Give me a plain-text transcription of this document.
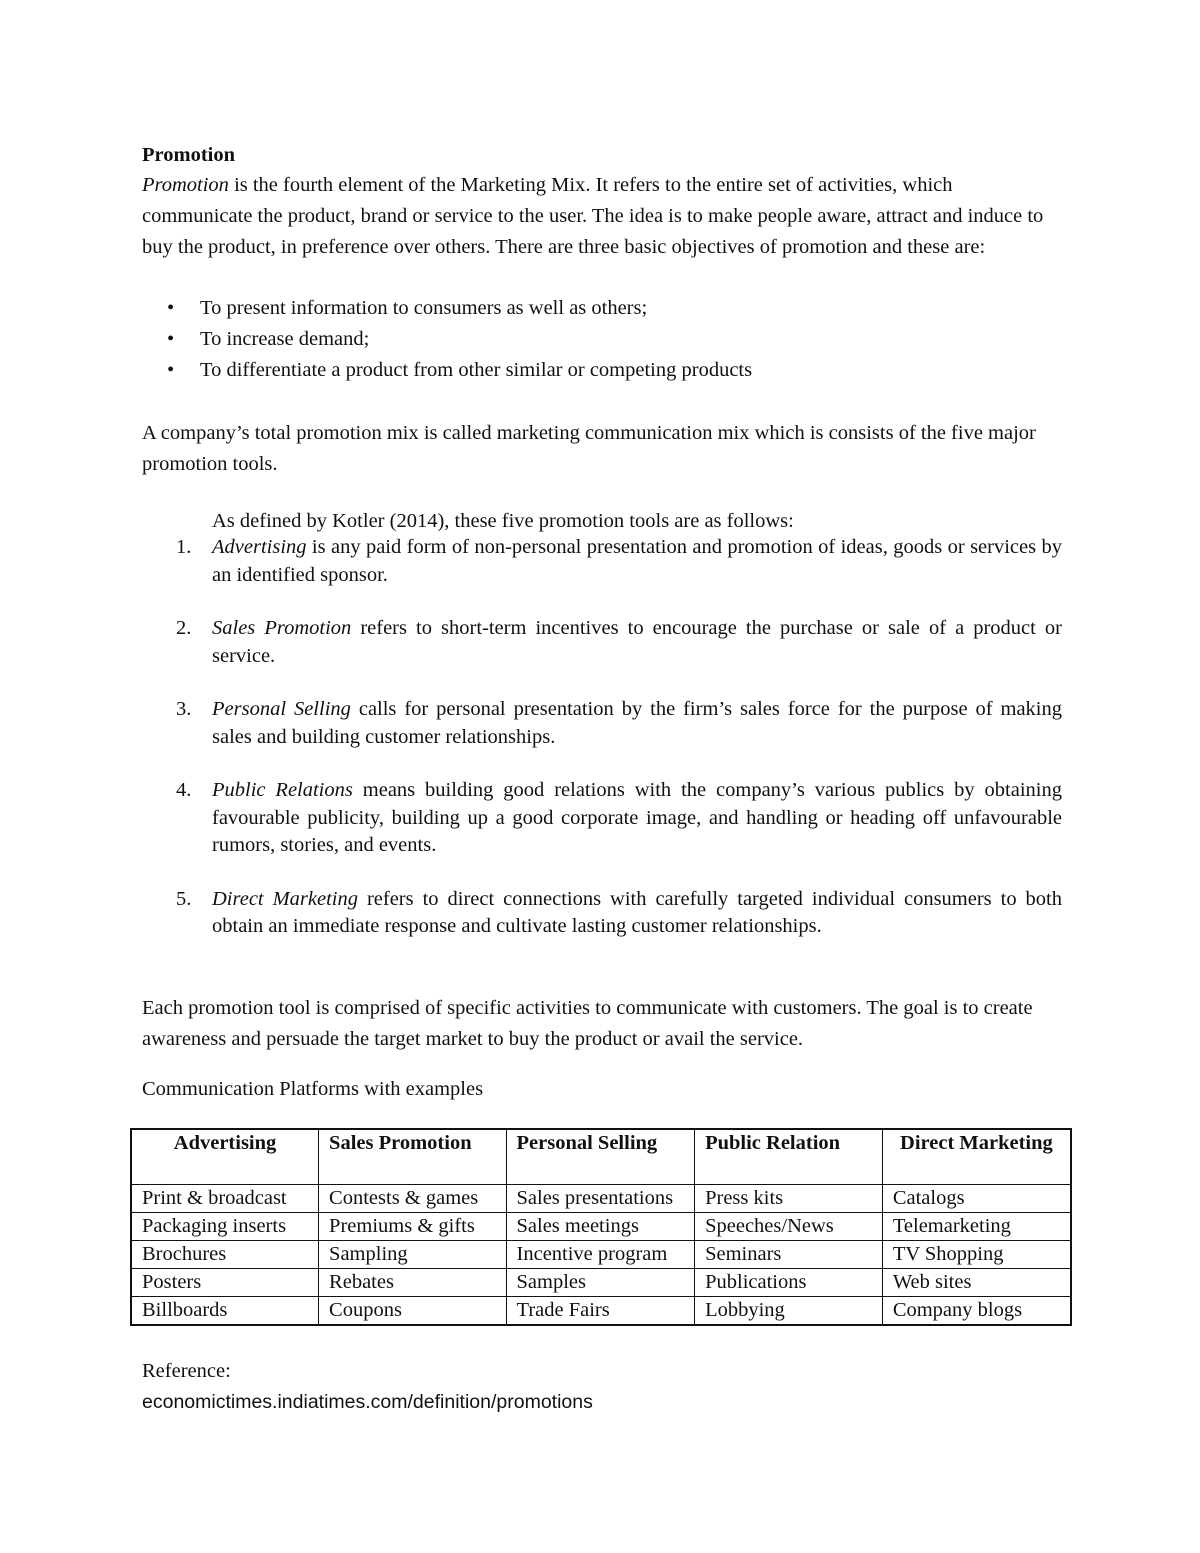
Promotion
Promotion is the fourth element of the Marketing Mix. It refers to the entire set of activities, which communicate the product, brand or service to the user. The idea is to make people aware, attract and induce to buy the product, in preference over others. There are three basic objectives of promotion and these are:
• To present information to consumers as well as others;
• To increase demand;
• To differentiate a product from other similar or competing products
A company’s total promotion mix is called marketing communication mix which is consists of the five major promotion tools.
As defined by Kotler (2014), these five promotion tools are as follows:
1. Advertising is any paid form of non-personal presentation and promotion of ideas, goods or services by an identified sponsor.
2. Sales Promotion refers to short-term incentives to encourage the purchase or sale of a product or service.
3. Personal Selling calls for personal presentation by the firm’s sales force for the purpose of making sales and building customer relationships.
4. Public Relations means building good relations with the company’s various publics by obtaining favourable publicity, building up a good corporate image, and handling or heading off unfavourable rumors, stories, and events.
5. Direct Marketing refers to direct connections with carefully targeted individual consumers to both obtain an immediate response and cultivate lasting customer relationships.
Each promotion tool is comprised of specific activities to communicate with customers. The goal is to create awareness and persuade the target market to buy the product or avail the service.
Communication Platforms with examples
Advertising	Sales Promotion	Personal Selling	Public Relation	Direct Marketing
Print & broadcast	Contests & games	Sales presentations	Press kits	Catalogs
Packaging inserts	Premiums & gifts	Sales meetings	Speeches/News	Telemarketing
Brochures	Sampling	Incentive program	Seminars	TV Shopping
Posters	Rebates	Samples	Publications	Web sites
Billboards	Coupons	Trade Fairs	Lobbying	Company blogs
Reference:
economictimes.indiatimes.com/definition/promotions
